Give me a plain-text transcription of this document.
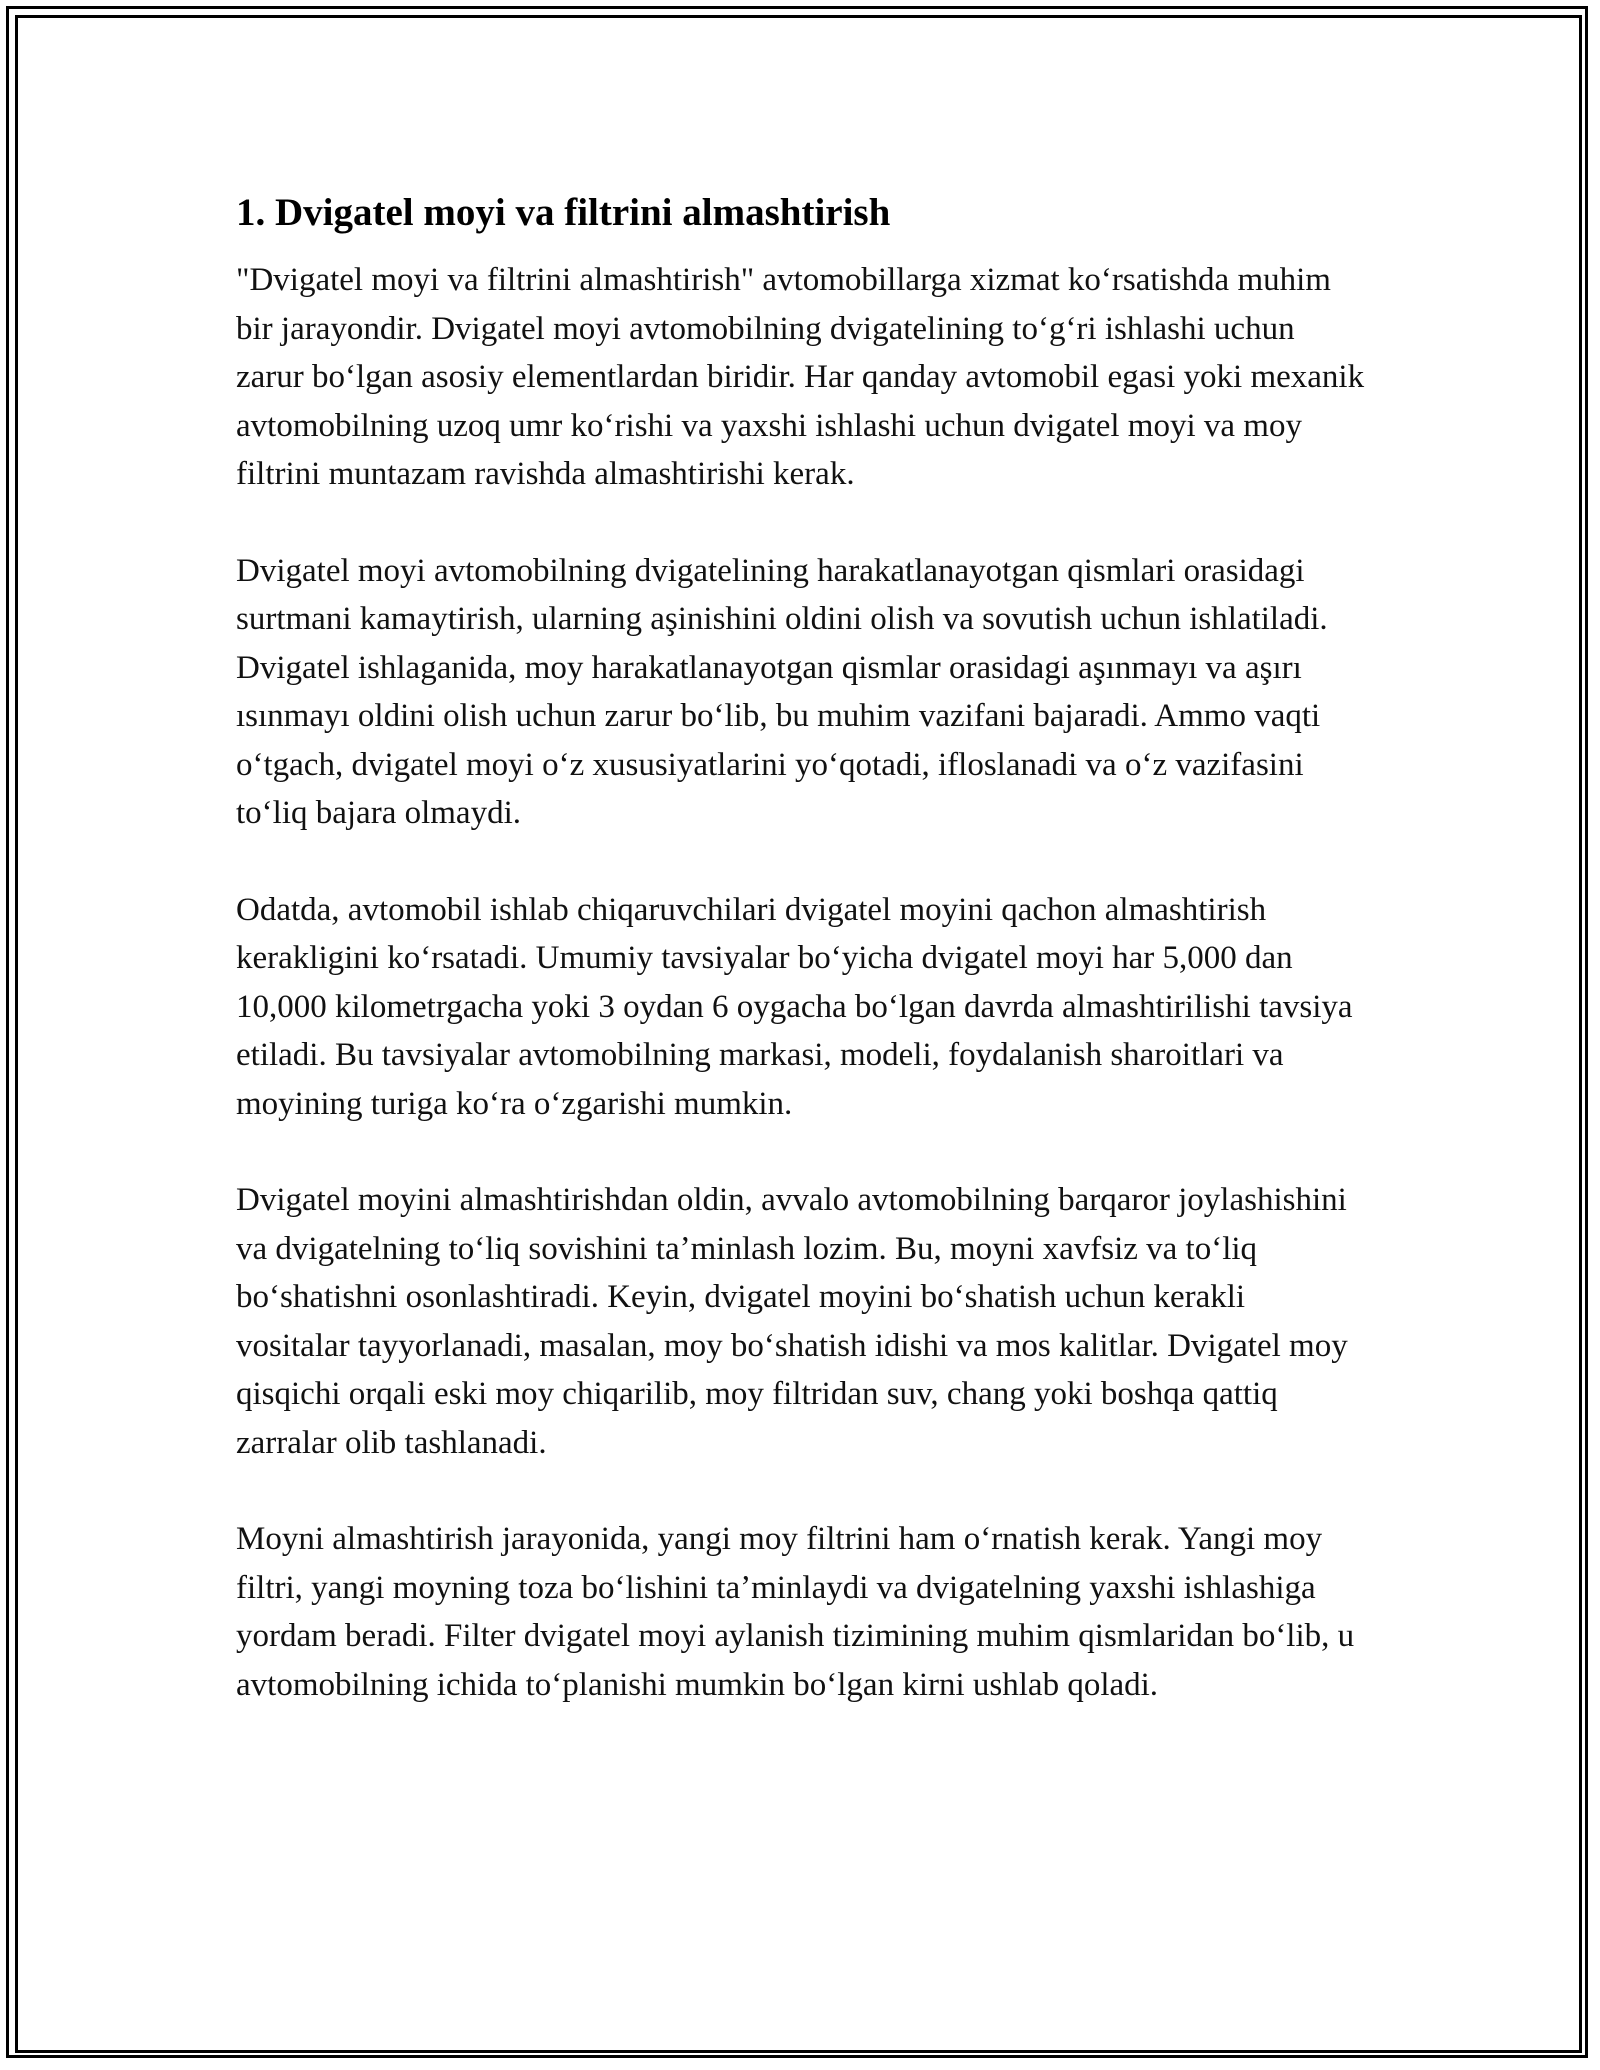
1. Dvigatel moyi va filtrini almashtirish

"Dvigatel moyi va filtrini almashtirish" avtomobillarga xizmat koʻrsatishda muhim bir jarayondir. Dvigatel moyi avtomobilning dvigatelining toʻgʻri ishlashi uchun zarur boʻlgan asosiy elementlardan biridir. Har qanday avtomobil egasi yoki mexanik avtomobilning uzoq umr koʻrishi va yaxshi ishlashi uchun dvigatel moyi va moy filtrini muntazam ravishda almashtirishi kerak.

Dvigatel moyi avtomobilning dvigatelining harakatlanayotgan qismlari orasidagi surtmani kamaytirish, ularning aşinishini oldini olish va sovutish uchun ishlatiladi. Dvigatel ishlaganida, moy harakatlanayotgan qismlar orasidagi aşınmayı va aşırı ısınmayı oldini olish uchun zarur boʻlib, bu muhim vazifani bajaradi. Ammo vaqti oʻtgach, dvigatel moyi oʻz xususiyatlarini yoʻqotadi, ifloslanadi va oʻz vazifasini toʻliq bajara olmaydi.

Odatda, avtomobil ishlab chiqaruvchilari dvigatel moyini qachon almashtirish kerakligini koʻrsatadi. Umumiy tavsiyalar boʻyicha dvigatel moyi har 5,000 dan 10,000 kilometrgacha yoki 3 oydan 6 oygacha boʻlgan davrda almashtirilishi tavsiya etiladi. Bu tavsiyalar avtomobilning markasi, modeli, foydalanish sharoitlari va moyining turiga koʻra oʻzgarishi mumkin.

Dvigatel moyini almashtirishdan oldin, avvalo avtomobilning barqaror joylashishini va dvigatelning toʻliq sovishini taʼminlash lozim. Bu, moyni xavfsiz va toʻliq boʻshatishni osonlashtiradi. Keyin, dvigatel moyini boʻshatish uchun kerakli vositalar tayyorlanadi, masalan, moy boʻshatish idishi va mos kalitlar. Dvigatel moy qisqichi orqali eski moy chiqarilib, moy filtridan suv, chang yoki boshqa qattiq zarralar olib tashlanadi.

Moyni almashtirish jarayonida, yangi moy filtrini ham oʻrnatish kerak. Yangi moy filtri, yangi moyning toza boʻlishini taʼminlaydi va dvigatelning yaxshi ishlashiga yordam beradi. Filter dvigatel moyi aylanish tizimining muhim qismlaridan boʻlib, u avtomobilning ichida toʻplanishi mumkin boʻlgan kirni ushlab qoladi.
